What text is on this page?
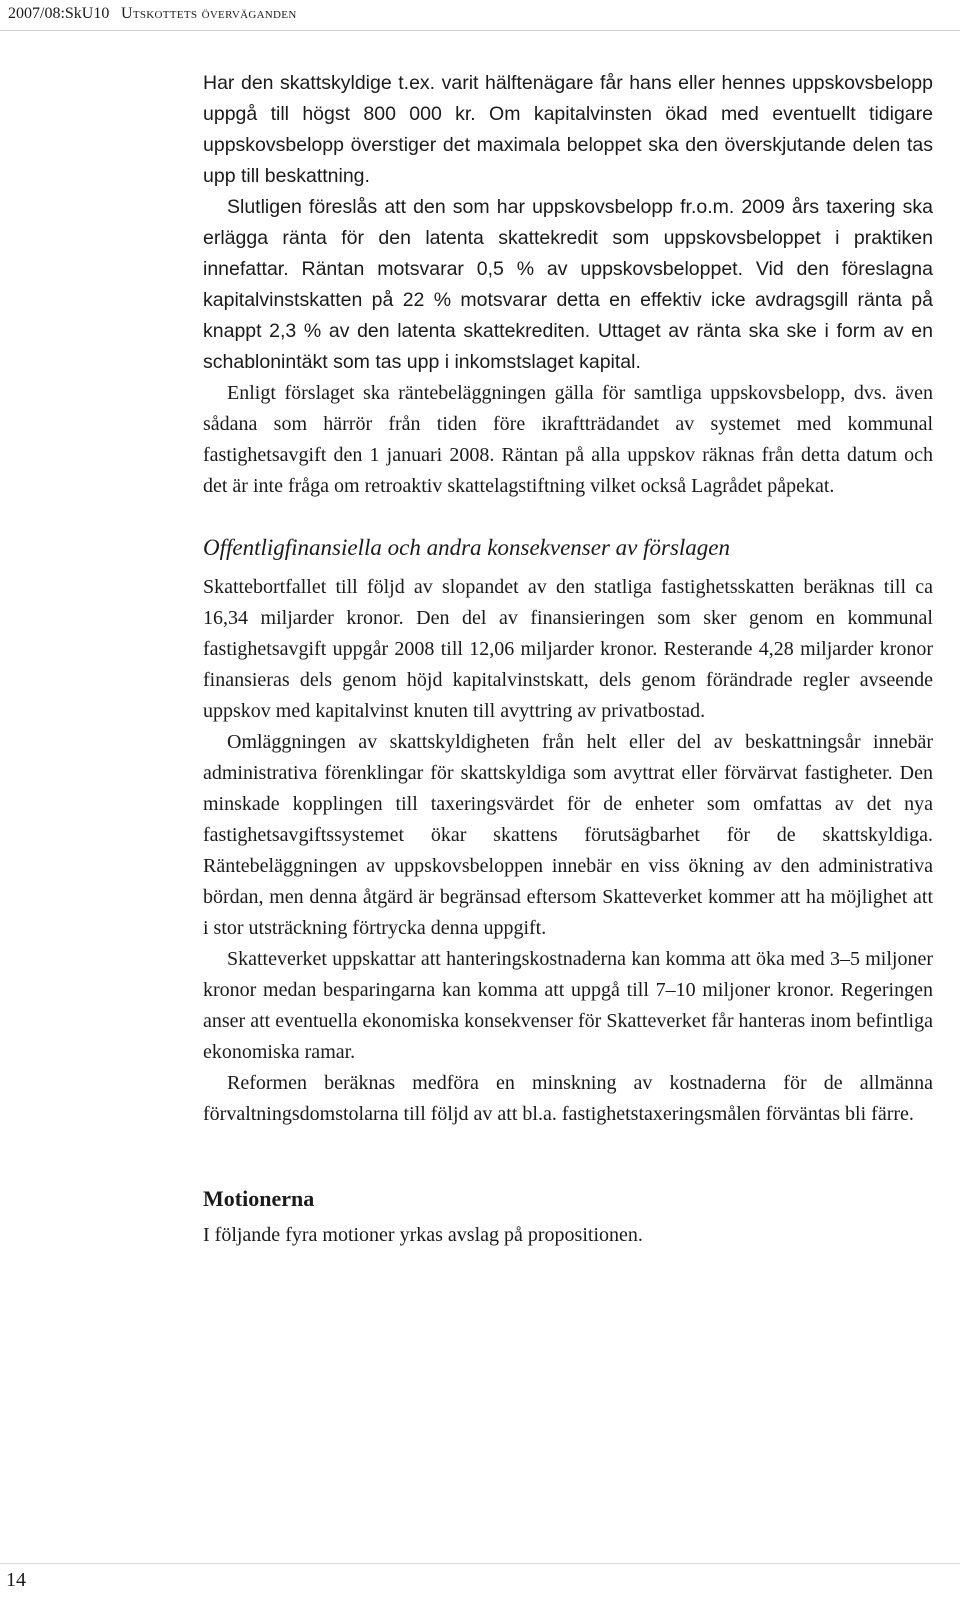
2007/08:SkU10 Utskottets överväganden

Har den skattskyldige t.ex. varit hälftenägare får hans eller hennes uppskovsbelopp uppgå till högst 800 000 kr. Om kapitalvinsten ökad med eventuellt tidigare uppskovsbelopp överstiger det maximala beloppet ska den överskjutande delen tas upp till beskattning.

Slutligen föreslås att den som har uppskovsbelopp fr.o.m. 2009 års taxering ska erlägga ränta för den latenta skattekredit som uppskovsbeloppet i praktiken innefattar. Räntan motsvarar 0,5 % av uppskovsbeloppet. Vid den föreslagna kapitalvinstskatten på 22 % motsvarar detta en effektiv icke avdragsgill ränta på knappt 2,3 % av den latenta skattekrediten. Uttaget av ränta ska ske i form av en schablonintäkt som tas upp i inkomstslaget kapital.

Enligt förslaget ska räntebeläggningen gälla för samtliga uppskovsbelopp, dvs. även sådana som härrör från tiden före ikraftträdandet av systemet med kommunal fastighetsavgift den 1 januari 2008. Räntan på alla uppskov räknas från detta datum och det är inte fråga om retroaktiv skattelagstiftning vilket också Lagrådet påpekat.

Offentligfinansiella och andra konsekvenser av förslagen

Skattebortfallet till följd av slopandet av den statliga fastighetsskatten beräknas till ca 16,34 miljarder kronor. Den del av finansieringen som sker genom en kommunal fastighetsavgift uppgår 2008 till 12,06 miljarder kronor. Resterande 4,28 miljarder kronor finansieras dels genom höjd kapitalvinstskatt, dels genom förändrade regler avseende uppskov med kapitalvinst knuten till avyttring av privatbostad.

Omläggningen av skattskyldigheten från helt eller del av beskattningsår innebär administrativa förenklingar för skattskyldiga som avyttrat eller förvärvat fastigheter. Den minskade kopplingen till taxeringsvärdet för de enheter som omfattas av det nya fastighetsavgiftssystemet ökar skattens förutsägbarhet för de skattskyldiga. Räntebeläggningen av uppskovsbeloppen innebär en viss ökning av den administrativa bördan, men denna åtgärd är begränsad eftersom Skatteverket kommer att ha möjlighet att i stor utsträckning förtrycka denna uppgift.

Skatteverket uppskattar att hanteringskostnaderna kan komma att öka med 3–5 miljoner kronor medan besparingarna kan komma att uppgå till 7–10 miljoner kronor. Regeringen anser att eventuella ekonomiska konsekvenser för Skatteverket får hanteras inom befintliga ekonomiska ramar.

Reformen beräknas medföra en minskning av kostnaderna för de allmänna förvaltningsdomstolarna till följd av att bl.a. fastighetstaxeringsmålen förväntas bli färre.

Motionerna

I följande fyra motioner yrkas avslag på propositionen.

14
